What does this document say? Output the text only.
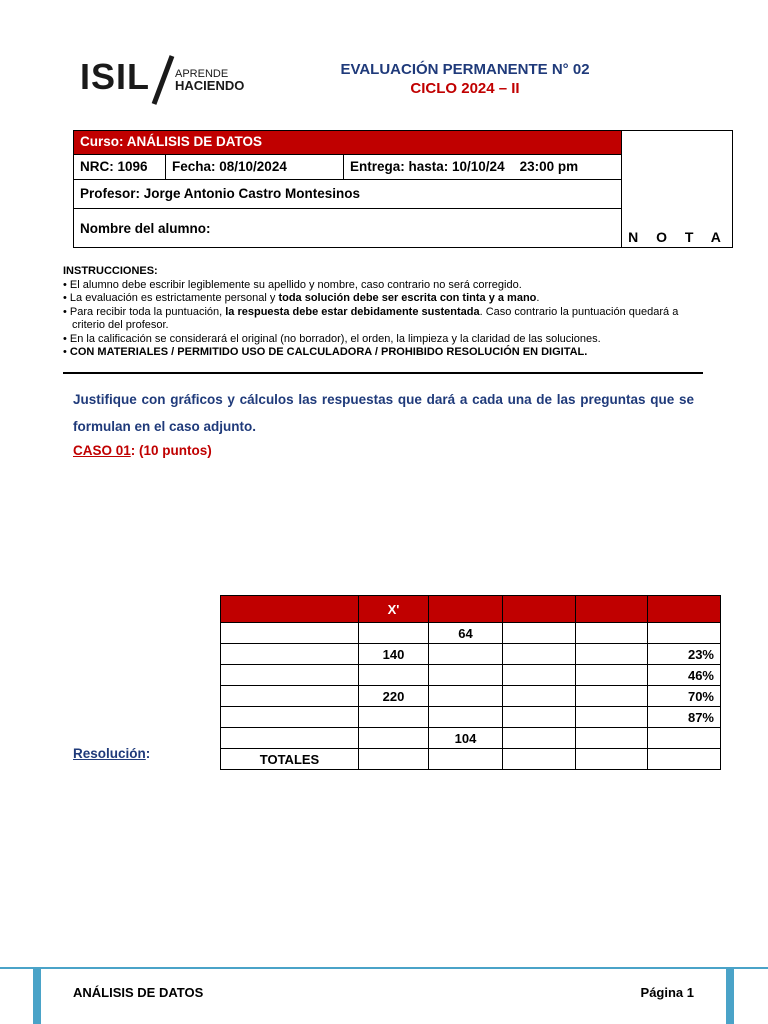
ISIL APRENDE
HACIENDO
EVALUACIÓN PERMANENTE N° 02
CICLO 2024 – II
Curso: ANÁLISIS DE DATOS
NRC: 1096	Fecha: 08/10/2024	Entrega: hasta: 10/10/24    23:00 pm
Profesor: Jorge Antonio Castro Montesinos
Nombre del alumno:
N O T A
INSTRUCCIONES:
• El alumno debe escribir legiblemente su apellido y nombre, caso contrario no será corregido.
• La evaluación es estrictamente personal y toda solución debe ser escrita con tinta y a mano.
• Para recibir toda la puntuación, la respuesta debe estar debidamente sustentada. Caso contrario la puntuación quedará a criterio del profesor.
• En la calificación se considerará el original (no borrador), el orden, la limpieza y la claridad de las soluciones.
• CON MATERIALES / PERMITIDO USO DE CALCULADORA / PROHIBIDO RESOLUCIÓN EN DIGITAL.
Justifique con gráficos y cálculos las respuestas que dará a cada una de las preguntas que se formulan en el caso adjunto.
CASO 01: (10 puntos)
	X'				
		64			
	140				23%
					46%
	220				70%
					87%
		104			
TOTALES					
Resolución:
ANÁLISIS DE DATOS	Página 1
